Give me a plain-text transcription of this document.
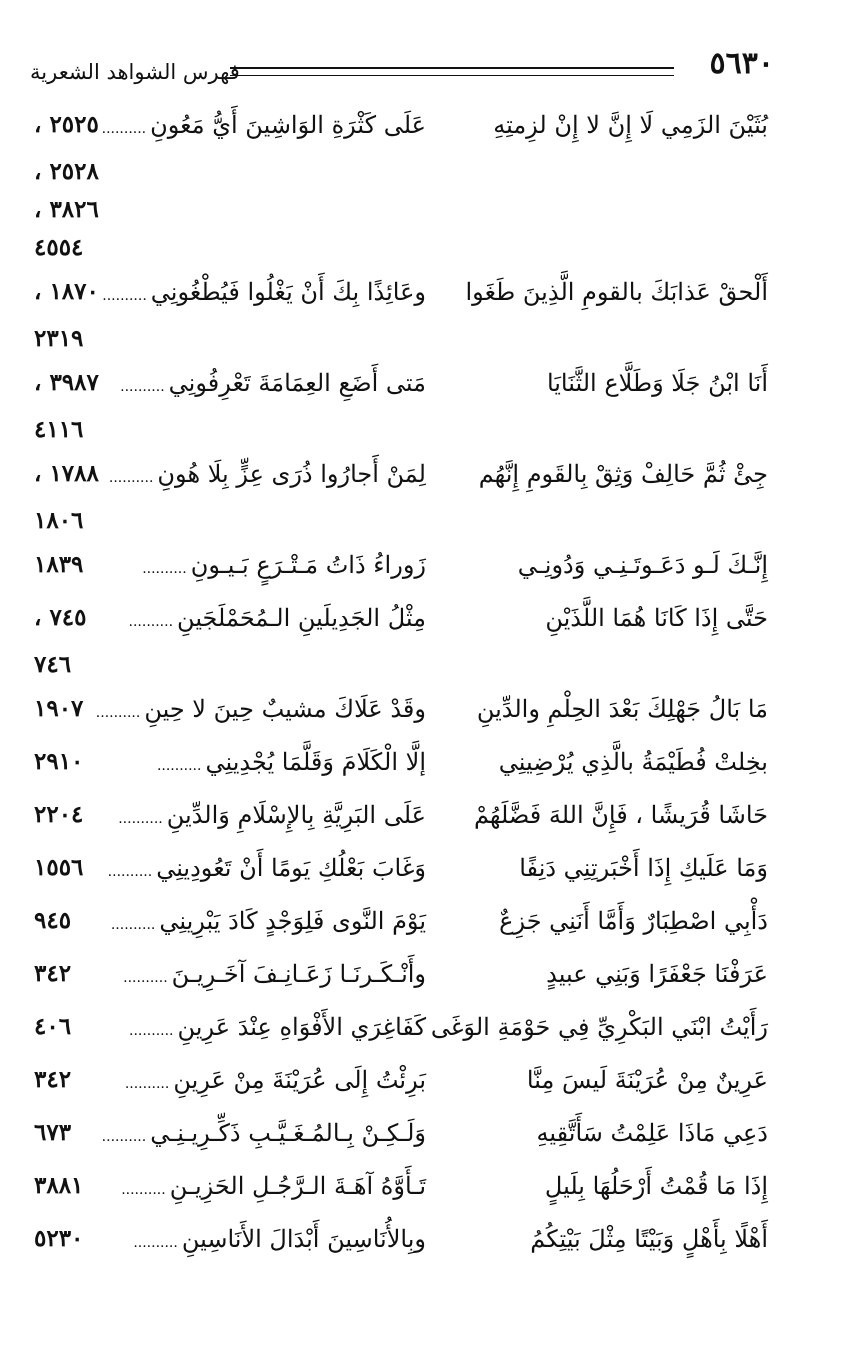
٥٦٣٠
فهرس الشواهد الشعرية
بُثَيْنَ الزَمِي لَا إِنَّ لا إِنْ لزِمتِهِ
عَلَى كَثْرَةِ الوَاشِينَ أَيُّ مَعُونِ..........
٢٥٢٥ ،
٢٥٢٨ ،
٣٨٢٦ ،
٤٥٥٤
أَلْحقْ عَذابَكَ بالقومِ الَّذِينَ طَغَوا
وعَائِذًا بِكَ أَنْ يَغْلُوا فَيُطْغُونِي..........
١٨٧٠ ،
٢٣١٩
أَنَا ابْنُ جَلَا وَطَلَّاع الثَّنَايَا
مَتى أَضَعِ العِمَامَةَ تَعْرِفُونِي..........
٣٩٨٧ ،
٤١١٦
جِئْ ثُمَّ حَالِفْ وَثِقْ بِالقَومِ إِنَّهُم
لِمَنْ أَجارُوا ذُرَى عِزٍّ بِلَا هُونِ..........
١٧٨٨ ،
١٨٠٦
إِنَّـكَ لَـو دَعَـوتَـنِـي وَدُونِـي
زَوراءُ ذَاتُ مَـتْـرَعٍ بَـيـونِ..........
١٨٣٩
حَتَّى إِذَا كَانَا هُمَا اللَّذَيْنِ
مِثْلُ الجَدِيلَينِ الـمُحَمْلَجَينِ..........
٧٤٥ ،
٧٤٦
مَا بَالُ جَهْلِكَ بَعْدَ الحِلْمِ والدِّينِ
وقَدْ عَلَاكَ مشيبٌ حِينَ لا حِينِ..........
١٩٠٧
بخِلتْ فُطَيْمَةُ بالَّذِي يُرْضِينِي
إلَّا الْكَلَامَ وَقَلَّمَا يُجْدِينِي..........
٢٩١٠
حَاشَا قُرَيشًا ، فَإِنَّ اللهَ فَضَّلَهُمْ
عَلَى البَرِيَّةِ بِالإِسْلَامِ وَالدِّينِ..........
٢٢٠٤
وَمَا عَلَيكِ إِذَا أَخْبَرتِنِي دَنِفًا
وَغَابَ بَعْلُكِ يَومًا أَنْ تَعُودِينِي..........
١٥٥٦
دَأْبِي اصْطِبَارٌ وَأَمَّا أَنَنِي جَزِعٌ
يَوْمَ النَّوى فَلِوَجْدٍ كَادَ يَبْرِينِي..........
٩٤٥
عَرَفْنَا جَعْفَرًا وَبَنِي عبيدٍ
وأَنْـكَـرنَـا زَعَـانِـفَ آخَـرِيـنَ..........
٣٤٢
رَأَيْتُ ابْنَي البَكْرِيِّ فِي حَوْمَةِ الوَغَى
كَفَاغِرَي الأَفْوَاهِ عِنْدَ عَرِينِ..........
٤٠٦
عَرِينٌ مِنْ عُرَيْنَةَ لَيسَ مِنَّا
بَرِئْتُ إِلَى عُرَيْنَةَ مِنْ عَرِينِ..........
٣٤٢
دَعِي مَاذَا عَلِمْتُ سَأَتَّقِيهِ
وَلَـكِـنْ بِـالمُـغَـيَّـبِ ذَكِّـرِيـنِـي..........
٦٧٣
إِذَا مَا قُمْتُ أَرْحَلُهَا بِلَيلٍ
تَـأَوَّهُ آهَـةَ الـرَّجُـلِ الحَزِيـنِ..........
٣٨٨١
أَهْلًا بِأَهْلٍ وَبَيْتًا مِثْلَ بَيْتِكُمُ
وبِالأُنَاسِينَ أَبْدَالَ الأَنَاسِينِ..........
٥٢٣٠
